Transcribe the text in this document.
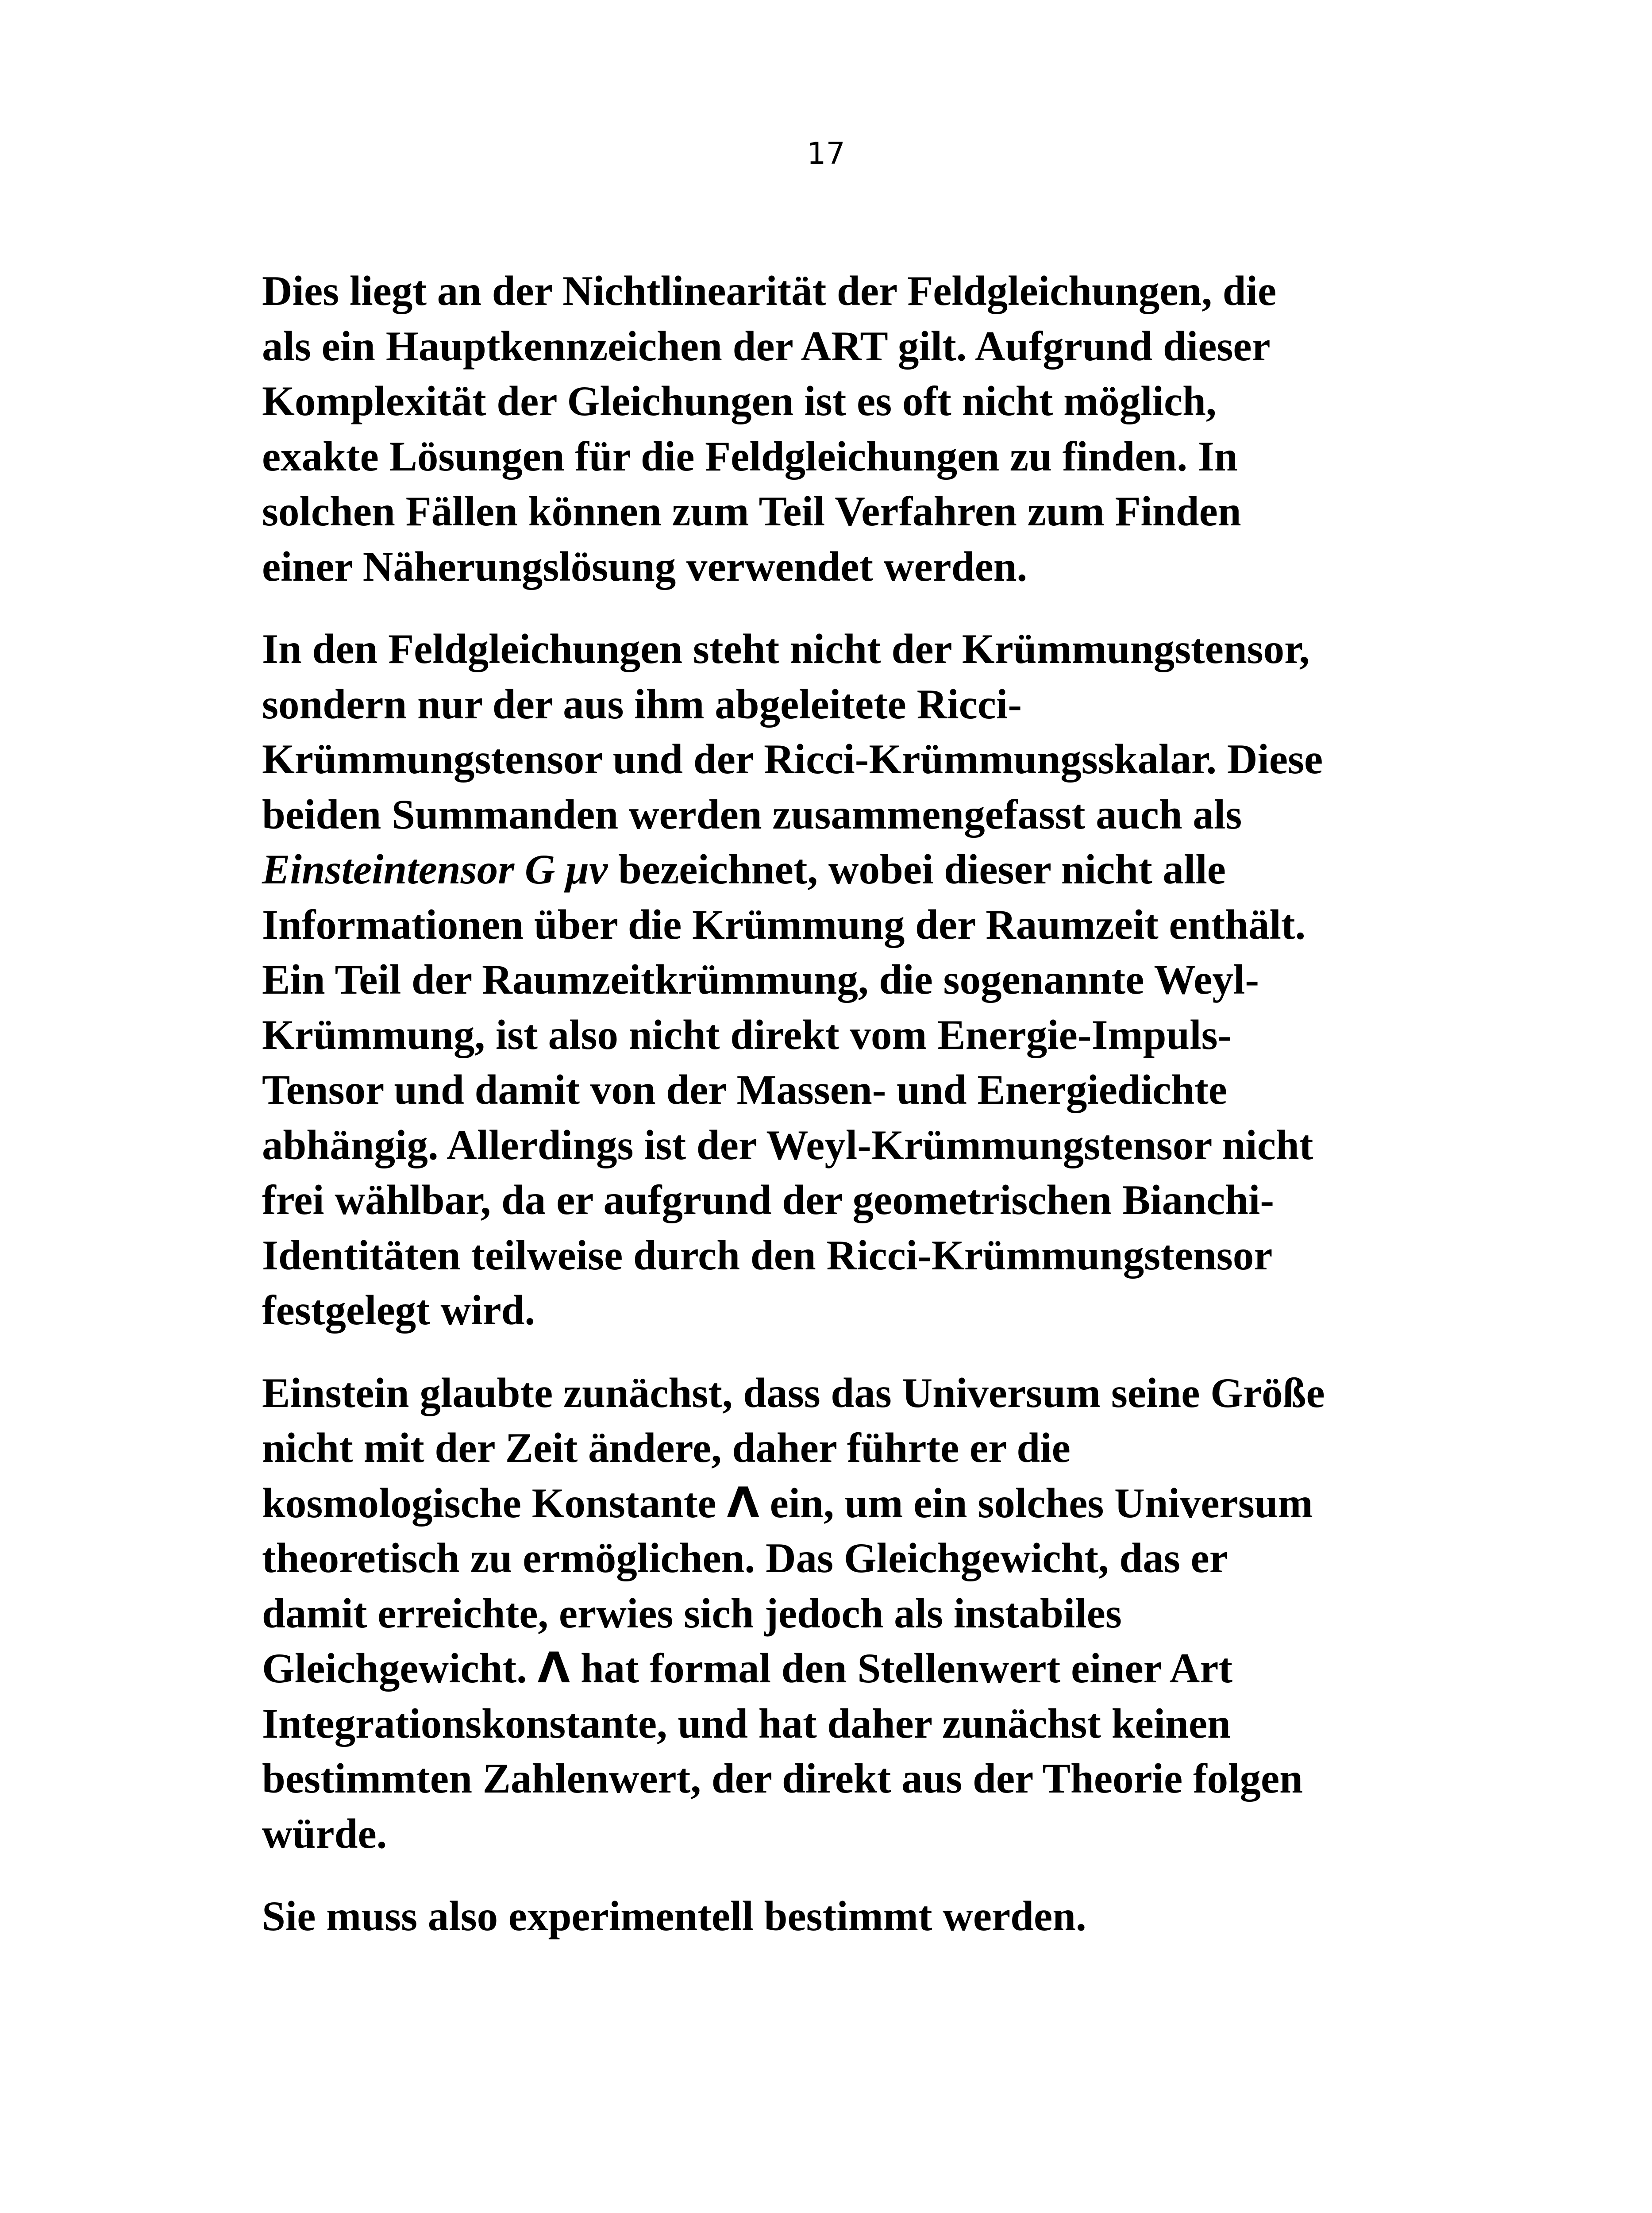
17
Dies liegt an der Nichtlinearität der Feldgleichungen, die
als ein Hauptkennzeichen der ART gilt. Aufgrund dieser
Komplexität der Gleichungen ist es oft nicht möglich,
exakte Lösungen für die Feldgleichungen zu finden. In
solchen Fällen können zum Teil Verfahren zum Finden
einer Näherungslösung verwendet werden.
In den Feldgleichungen steht nicht der Krümmungstensor,
sondern nur der aus ihm abgeleitete Ricci-
Krümmungstensor und der Ricci-Krümmungsskalar. Diese
beiden Summanden werden zusammengefasst auch als
Einsteintensor G μν bezeichnet, wobei dieser nicht alle
Informationen über die Krümmung der Raumzeit enthält.
Ein Teil der Raumzeitkrümmung, die sogenannte Weyl-
Krümmung, ist also nicht direkt vom Energie-Impuls-
Tensor und damit von der Massen- und Energiedichte
abhängig. Allerdings ist der Weyl-Krümmungstensor nicht
frei wählbar, da er aufgrund der geometrischen Bianchi-
Identitäten teilweise durch den Ricci-Krümmungstensor
festgelegt wird.
Einstein glaubte zunächst, dass das Universum seine Größe
nicht mit der Zeit ändere, daher führte er die
kosmologische Konstante Λ ein, um ein solches Universum
theoretisch zu ermöglichen. Das Gleichgewicht, das er
damit erreichte, erwies sich jedoch als instabiles
Gleichgewicht. Λ hat formal den Stellenwert einer Art
Integrationskonstante, und hat daher zunächst keinen
bestimmten Zahlenwert, der direkt aus der Theorie folgen
würde.
Sie muss also experimentell bestimmt werden.
